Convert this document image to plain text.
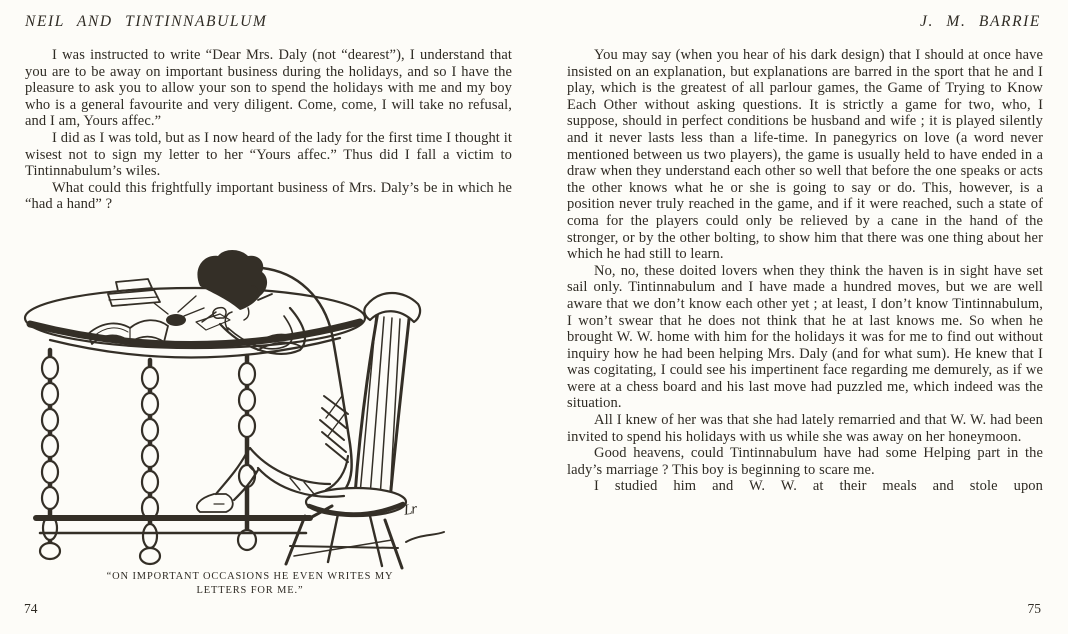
NEIL AND TINTINNABULUM	J. M. BARRIE

I was instructed to write “Dear Mrs. Daly (not “dearest”), I understand that you are to be away on important business during the holidays, and so I have the pleasure to ask you to allow your son to spend the holidays with me and my boy who is a general favourite and very diligent. Come, come, I will take no refusal, and I am, Yours affec.”

I did as I was told, but as I now heard of the lady for the first time I thought it wisest not to sign my letter to her “Yours affec.” Thus did I fall a victim to Tintinnabulum’s wiles.

What could this frightfully important business of Mrs. Daly’s be in which he “had a hand” ?

You may say (when you hear of his dark design) that I should at once have insisted on an explanation, but explanations are barred in the sport that he and I play, which is the greatest of all parlour games, the Game of Trying to Know Each Other without asking questions. It is strictly a game for two, who, I suppose, should in perfect conditions be husband and wife ; it is played silently and it never lasts less than a life-time. In panegyrics on love (a word never mentioned between us two players), the game is usually held to have ended in a draw when they understand each other so well that before the one speaks or acts the other knows what he or she is going to say or do. This, however, is a position never truly reached in the game, and if it were reached, such a state of coma for the players could only be relieved by a cane in the hand of the stronger, or by the other bolting, to show him that there was one thing about her which he had still to learn.

No, no, these doited lovers when they think the haven is in sight have set sail only. Tintinnabulum and I have made a hundred moves, but we are well aware that we don’t know each other yet ; at least, I don’t know Tintinnabulum, I won’t swear that he does not think that he at last knows me. So when he brought W. W. home with him for the holidays it was for me to find out without inquiry how he had been helping Mrs. Daly (and for what sum). He knew that I was cogitating, I could see his impertinent face regarding me demurely, as if we were at a chess board and his last move had puzzled me, which indeed was the situation.

All I knew of her was that she had lately remarried and that W. W. had been invited to spend his holidays with us while she was away on her honeymoon.

Good heavens, could Tintinnabulum have had some Helping part in the lady’s marriage ? This boy is beginning to scare me.

I studied him and W. W. at their meals and stole upon

Lr
“ON IMPORTANT OCCASIONS HE EVEN WRITES MY
LETTERS FOR ME.”
74	75
